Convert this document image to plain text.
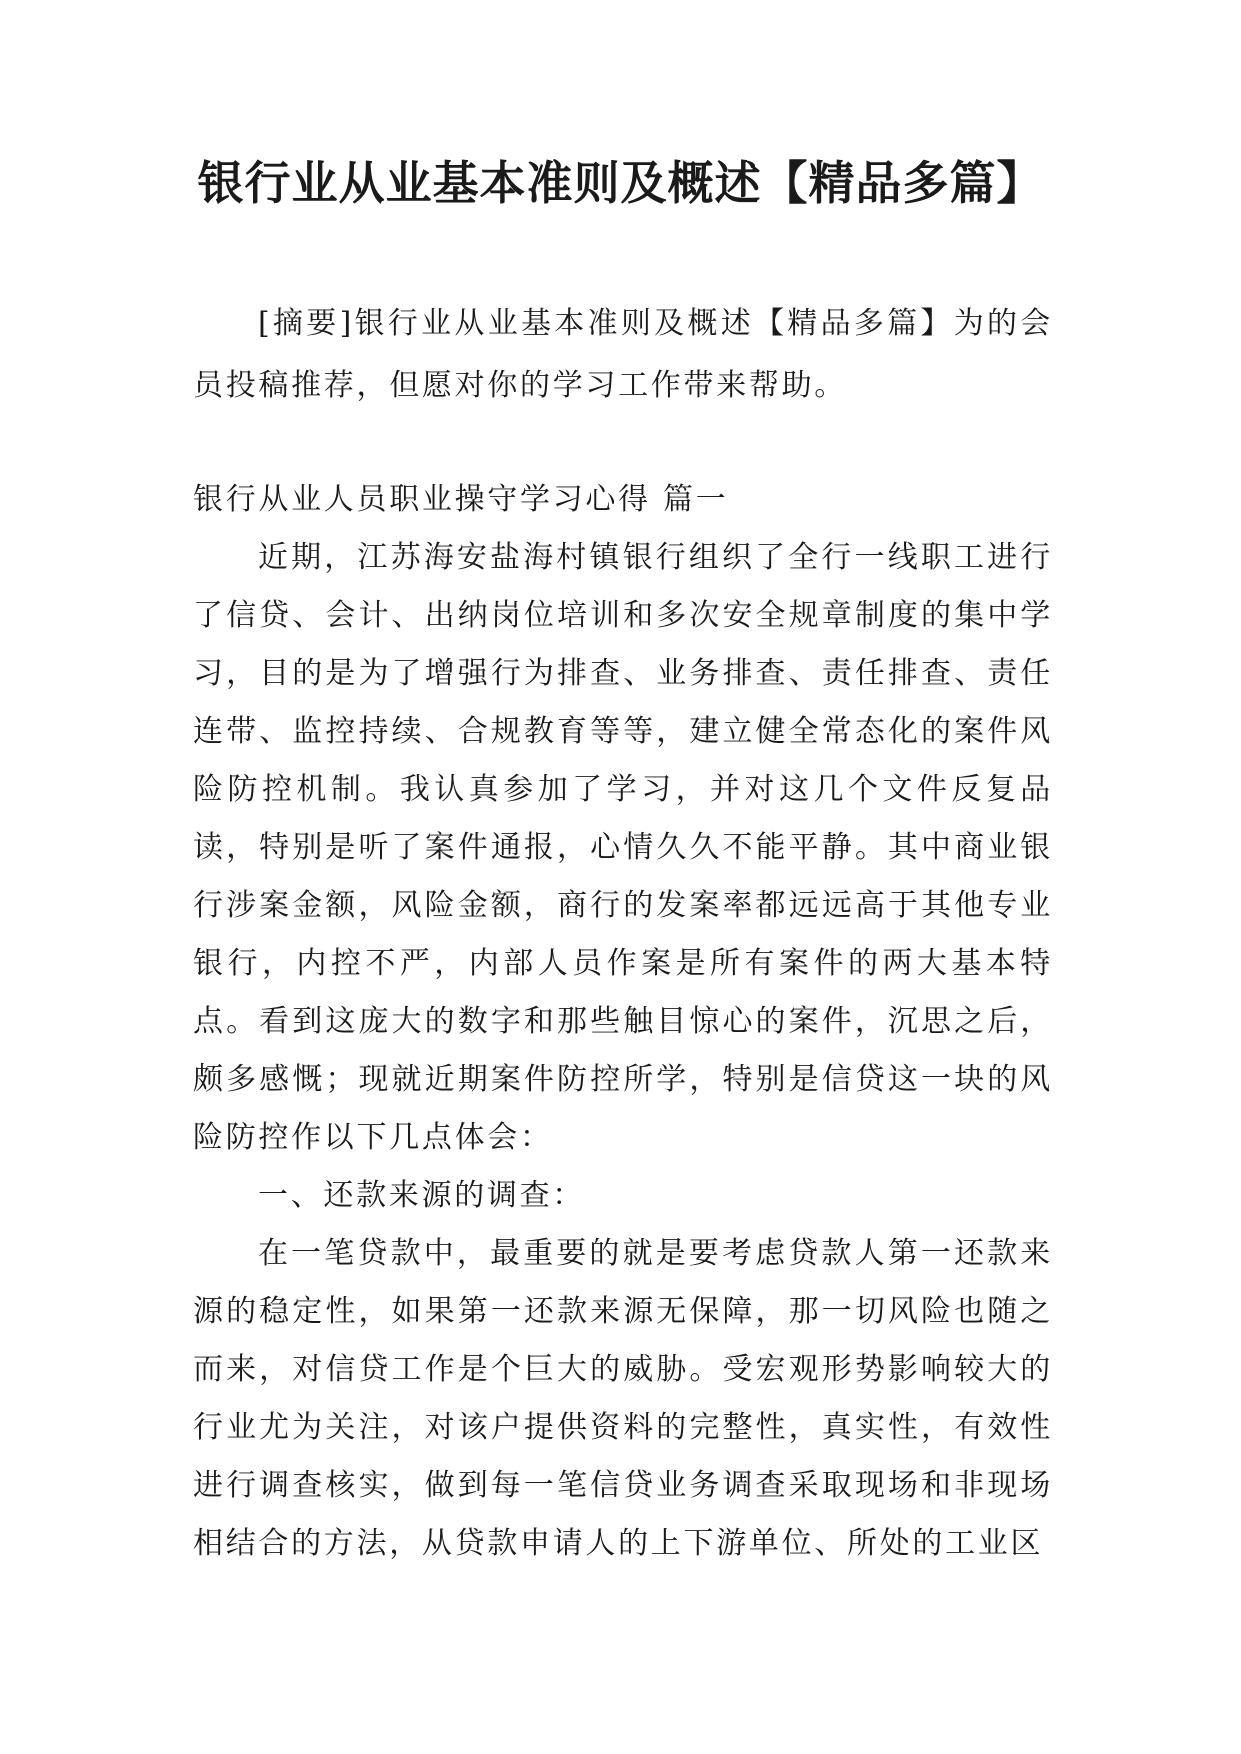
银行业从业基本准则及概述【精品多篇】

[摘要]银行业从业基本准则及概述【精品多篇】为的会员投稿推荐，但愿对你的学习工作带来帮助。

银行从业人员职业操守学习心得 篇一

近期，江苏海安盐海村镇银行组织了全行一线职工进行了信贷、会计、出纳岗位培训和多次安全规章制度的集中学习，目的是为了增强行为排查、业务排查、责任排查、责任连带、监控持续、合规教育等等，建立健全常态化的案件风险防控机制。我认真参加了学习，并对这几个文件反复品读，特别是听了案件通报，心情久久不能平静。其中商业银行涉案金额，风险金额，商行的发案率都远远高于其他专业银行，内控不严，内部人员作案是所有案件的两大基本特点。看到这庞大的数字和那些触目惊心的案件，沉思之后，颇多感慨；现就近期案件防控所学，特别是信贷这一块的风险防控作以下几点体会：

一、还款来源的调查：

在一笔贷款中，最重要的就是要考虑贷款人第一还款来源的稳定性，如果第一还款来源无保障，那一切风险也随之而来，对信贷工作是个巨大的威胁。受宏观形势影响较大的行业尤为关注，对该户提供资料的完整性，真实性，有效性进行调查核实，做到每一笔信贷业务调查采取现场和非现场相结合的方法，从贷款申请人的上下游单位、所处的工业区
